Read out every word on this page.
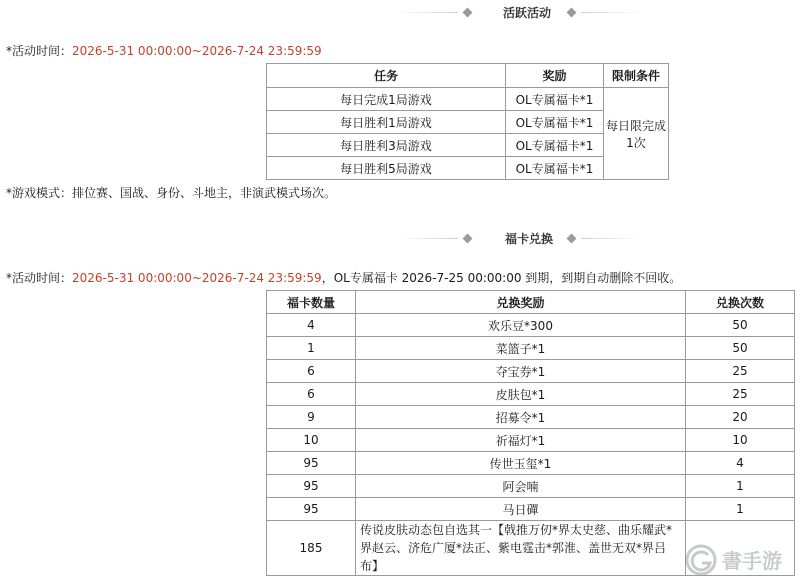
活跃活动
*活动时间：2026-5-31 00:00:00~2026-7-24 23:59:59
任务	奖励	限制条件
每日完成1局游戏	OL专属福卡*1	每日限完成1次
每日胜利1局游戏	OL专属福卡*1	
每日胜利3局游戏	OL专属福卡*1	
每日胜利5局游戏	OL专属福卡*1	
*游戏模式：排位赛、国战、身份、斗地主，非演武模式场次。
福卡兑换
*活动时间：2026-5-31 00:00:00~2026-7-24 23:59:59，OL专属福卡 2026-7-25 00:00:00 到期，到期自动删除不回收。
福卡数量	兑换奖励	兑换次数
4	欢乐豆*300	50
1	菜篮子*1	50
6	夺宝券*1	25
6	皮肤包*1	25
9	招募令*1	20
10	祈福灯*1	10
95	传世玉玺*1	4
95	阿会喃	1
95	马日磾	1
185	传说皮肤动态包自选其一【戟推万仞*界太史慈、曲乐耀武*界赵云、济危广厦*法正、紫电霆击*郭淮、盖世无双*界吕布】		書手游
